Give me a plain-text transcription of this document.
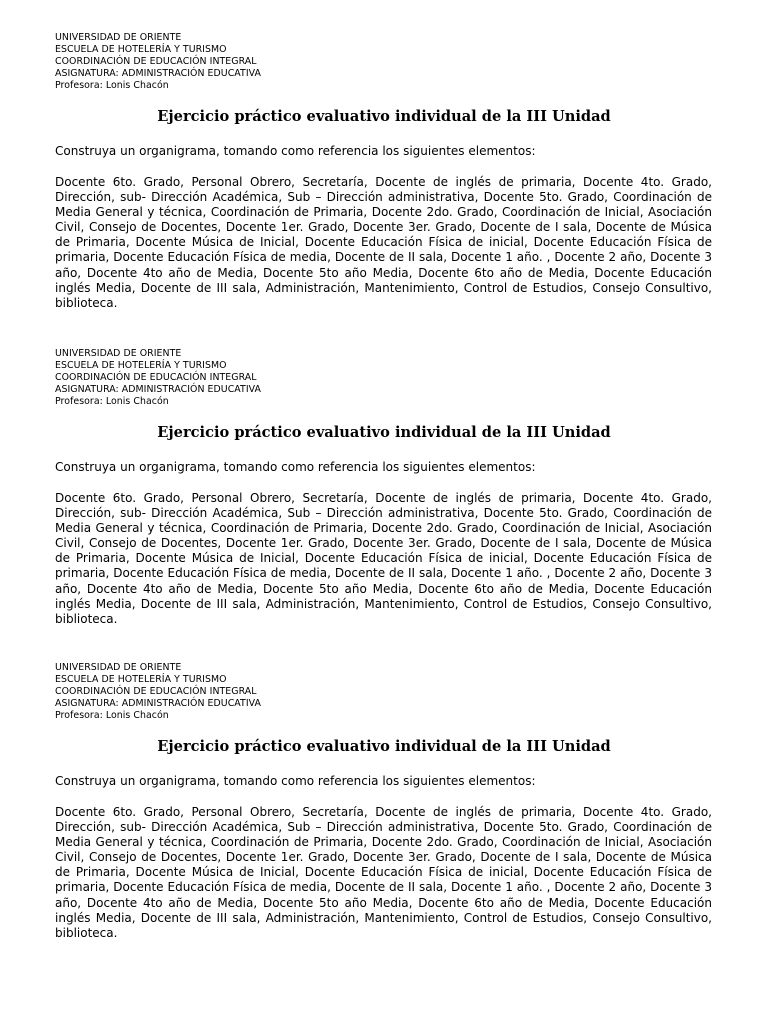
UNIVERSIDAD DE ORIENTE
ESCUELA DE HOTELERÍA Y TURISMO
COORDINACIÓN DE EDUCACIÓN INTEGRAL
ASIGNATURA: ADMINISTRACIÓN EDUCATIVA
Profesora: Lonis Chacón
Ejercicio práctico evaluativo individual de la III Unidad
Construya un organigrama, tomando como referencia los siguientes elementos:

Docente 6to. Grado, Personal Obrero, Secretaría, Docente de inglés de primaria, Docente 4to. Grado, Dirección, sub- Dirección Académica, Sub – Dirección administrativa, Docente 5to. Grado, Coordinación de Media General y técnica, Coordinación de Primaria, Docente 2do. Grado, Coordinación de Inicial, Asociación Civil, Consejo de Docentes, Docente 1er. Grado, Docente 3er. Grado, Docente de I sala, Docente de Música de Primaria, Docente Música de Inicial, Docente Educación Física de inicial, Docente Educación Física de primaria, Docente Educación Física de media, Docente de II sala, Docente 1 año. , Docente 2 año, Docente 3 año, Docente 4to año de Media, Docente 5to año Media, Docente 6to año de Media, Docente Educación inglés Media, Docente de III sala, Administración, Mantenimiento, Control de Estudios, Consejo Consultivo, biblioteca.

UNIVERSIDAD DE ORIENTE
ESCUELA DE HOTELERÍA Y TURISMO
COORDINACIÓN DE EDUCACIÓN INTEGRAL
ASIGNATURA: ADMINISTRACIÓN EDUCATIVA
Profesora: Lonis Chacón
Ejercicio práctico evaluativo individual de la III Unidad
Construya un organigrama, tomando como referencia los siguientes elementos:

Docente 6to. Grado, Personal Obrero, Secretaría, Docente de inglés de primaria, Docente 4to. Grado, Dirección, sub- Dirección Académica, Sub – Dirección administrativa, Docente 5to. Grado, Coordinación de Media General y técnica, Coordinación de Primaria, Docente 2do. Grado, Coordinación de Inicial, Asociación Civil, Consejo de Docentes, Docente 1er. Grado, Docente 3er. Grado, Docente de I sala, Docente de Música de Primaria, Docente Música de Inicial, Docente Educación Física de inicial, Docente Educación Física de primaria, Docente Educación Física de media, Docente de II sala, Docente 1 año. , Docente 2 año, Docente 3 año, Docente 4to año de Media, Docente 5to año Media, Docente 6to año de Media, Docente Educación inglés Media, Docente de III sala, Administración, Mantenimiento, Control de Estudios, Consejo Consultivo, biblioteca.

UNIVERSIDAD DE ORIENTE
ESCUELA DE HOTELERÍA Y TURISMO
COORDINACIÓN DE EDUCACIÓN INTEGRAL
ASIGNATURA: ADMINISTRACIÓN EDUCATIVA
Profesora: Lonis Chacón
Ejercicio práctico evaluativo individual de la III Unidad
Construya un organigrama, tomando como referencia los siguientes elementos:

Docente 6to. Grado, Personal Obrero, Secretaría, Docente de inglés de primaria, Docente 4to. Grado, Dirección, sub- Dirección Académica, Sub – Dirección administrativa, Docente 5to. Grado, Coordinación de Media General y técnica, Coordinación de Primaria, Docente 2do. Grado, Coordinación de Inicial, Asociación Civil, Consejo de Docentes, Docente 1er. Grado, Docente 3er. Grado, Docente de I sala, Docente de Música de Primaria, Docente Música de Inicial, Docente Educación Física de inicial, Docente Educación Física de primaria, Docente Educación Física de media, Docente de II sala, Docente 1 año. , Docente 2 año, Docente 3 año, Docente 4to año de Media, Docente 5to año Media, Docente 6to año de Media, Docente Educación inglés Media, Docente de III sala, Administración, Mantenimiento, Control de Estudios, Consejo Consultivo, biblioteca.
